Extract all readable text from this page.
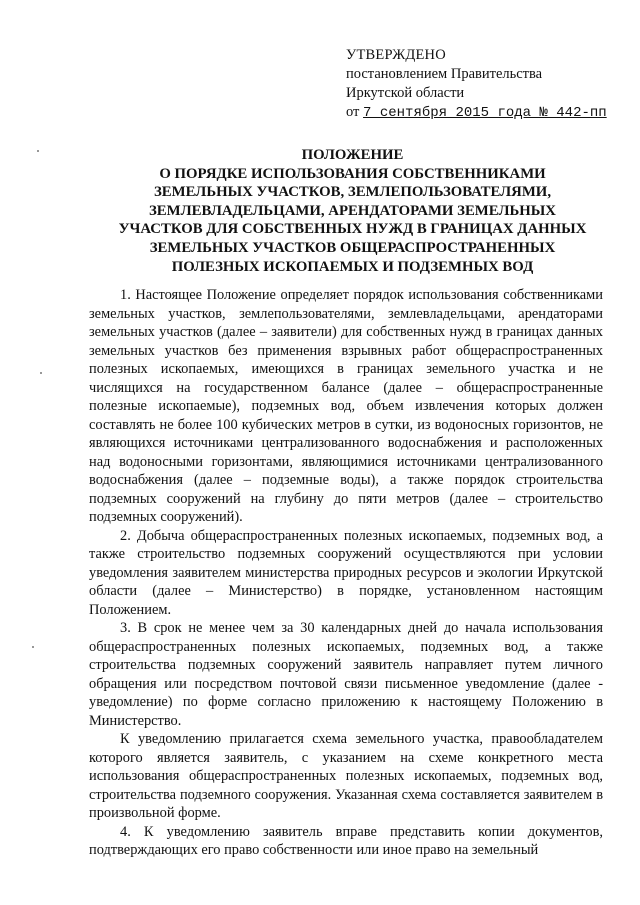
УТВЕРЖДЕНО
постановлением Правительства
Иркутской области
от 7 сентября 2015 года № 442-пп
ПОЛОЖЕНИЕ
О ПОРЯДКЕ ИСПОЛЬЗОВАНИЯ СОБСТВЕННИКАМИ
ЗЕМЕЛЬНЫХ УЧАСТКОВ, ЗЕМЛЕПОЛЬЗОВАТЕЛЯМИ,
ЗЕМЛЕВЛАДЕЛЬЦАМИ, АРЕНДАТОРАМИ ЗЕМЕЛЬНЫХ
УЧАСТКОВ ДЛЯ СОБСТВЕННЫХ НУЖД В ГРАНИЦАХ ДАННЫХ
ЗЕМЕЛЬНЫХ УЧАСТКОВ ОБЩЕРАСПРОСТРАНЕННЫХ
ПОЛЕЗНЫХ ИСКОПАЕМЫХ И ПОДЗЕМНЫХ ВОД

1. Настоящее Положение определяет порядок использования собственниками земельных участков, землепользователями, землевладельцами, арендаторами земельных участков (далее – заявители) для собственных нужд в границах данных земельных участков без применения взрывных работ общераспространенных полезных ископаемых, имеющихся в границах земельного участка и не числящихся на государственном балансе (далее – общераспространенные полезные ископаемые), подземных вод, объем извлечения которых должен составлять не более 100 кубических метров в сутки, из водоносных горизонтов, не являющихся источниками централизованного водоснабжения и расположенных над водоносными горизонтами, являющимися источниками централизованного водоснабжения (далее – подземные воды), а также порядок строительства подземных сооружений на глубину до пяти метров (далее – строительство подземных сооружений).

2. Добыча общераспространенных полезных ископаемых, подземных вод, а также строительство подземных сооружений осуществляются при условии уведомления заявителем министерства природных ресурсов и экологии Иркутской области (далее – Министерство) в порядке, установленном настоящим Положением.

3. В срок не менее чем за 30 календарных дней до начала использования общераспространенных полезных ископаемых, подземных вод, а также строительства подземных сооружений заявитель направляет путем личного обращения или посредством почтовой связи письменное уведомление (далее - уведомление) по форме согласно приложению к настоящему Положению в Министерство.

К уведомлению прилагается схема земельного участка, правообладателем которого является заявитель, с указанием на схеме конкретного места использования общераспространенных полезных ископаемых, подземных вод, строительства подземного сооружения. Указанная схема составляется заявителем в произвольной форме.

4. К уведомлению заявитель вправе представить копии документов, подтверждающих его право собственности или иное право на земельный
